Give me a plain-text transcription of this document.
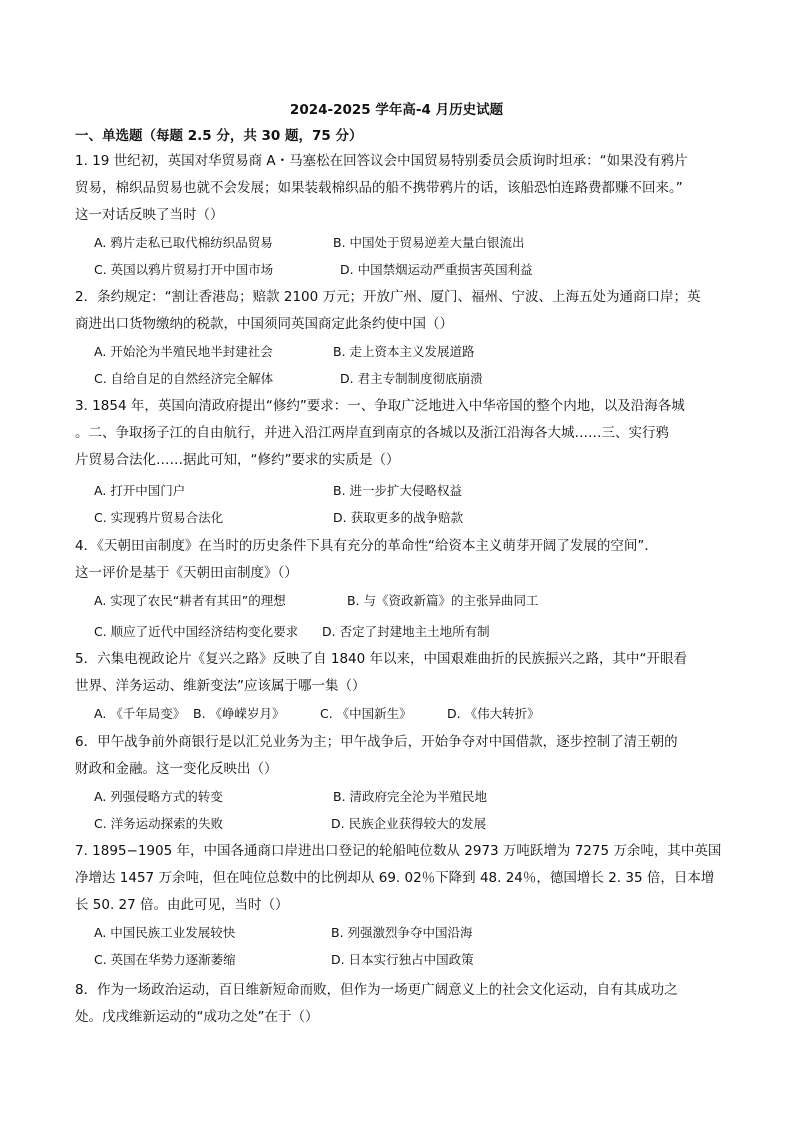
2024-2025 学年高-4 月历史试题
一、单选题（每题 2.5 分，共 30 题，75 分）
1. 19 世纪初，英国对华贸易商 A・马塞松在回答议会中国贸易特别委员会质询时坦承：“如果没有鸦片
贸易，棉织品贸易也就不会发展；如果装载棉织品的船不携带鸦片的话，该船恐怕连路费都赚不回来。”
这一对话反映了当时（）
A. 鸦片走私已取代棉纺织品贸易	B. 中国处于贸易逆差大量白银流出
C. 英国以鸦片贸易打开中国市场	D. 中国禁烟运动严重损害英国利益
2．条约规定：“割让香港岛；赔款 2100 万元；开放广州、厦门、福州、宁波、上海五处为通商口岸；英
商进出口货物缴纳的税款，中国须同英国商定此条约使中国（）
A. 开始沦为半殖民地半封建社会	B. 走上资本主义发展道路
C. 自给自足的自然经济完全解体	D. 君主专制制度彻底崩溃
3. 1854 年，英国向清政府提出“修约”要求：一、争取广泛地进入中华帝国的整个内地，以及沿海各城
。二、争取扬子江的自由航行，并进入沿江两岸直到南京的各城以及浙江沿海各大城……三、实行鸦
片贸易合法化……据此可知，“修约”要求的实质是（）
A. 打开中国门户	B. 进一步扩大侵略权益
C. 实现鸦片贸易合法化	D. 获取更多的战争赔款
4．《天朝田亩制度》在当时的历史条件下具有充分的革命性“给资本主义萌芽开阔了发展的空间”．
这一评价是基于《天朝田亩制度》（）
A. 实现了农民“耕者有其田”的理想	B. 与《资政新篇》的主张异曲同工
C. 顺应了近代中国经济结构变化要求 D. 否定了封建地主土地所有制
5．六集电视政论片《复兴之路》反映了自 1840 年以来，中国艰难曲折的民族振兴之路，其中“开眼看
世界、洋务运动、维新变法”应该属于哪一集（）
A. 《千年局变》 B. 《峥嵘岁月》	C. 《中国新生》	D. 《伟大转折》
6．甲午战争前外商银行是以汇兑业务为主；甲午战争后，开始争夺对中国借款，逐步控制了清王朝的
财政和金融。这一变化反映出（）
A. 列强侵略方式的转变	B. 清政府完全沦为半殖民地
C. 洋务运动探索的失败	D. 民族企业获得较大的发展
7. 1895−1905 年，中国各通商口岸进出口登记的轮船吨位数从 2973 万吨跃增为 7275 万余吨，其中英国
净增达 1457 万余吨，但在吨位总数中的比例却从 69. 02％下降到 48. 24％，德国增长 2. 35 倍，日本增
长 50. 27 倍。由此可见，当时（）
A. 中国民族工业发展较快	B. 列强激烈争夺中国沿海
C. 英国在华势力逐渐萎缩	D. 日本实行独占中国政策
8．作为一场政治运动，百日维新短命而败，但作为一场更广阔意义上的社会文化运动，自有其成功之
处。戊戌维新运动的“成功之处”在于（）
